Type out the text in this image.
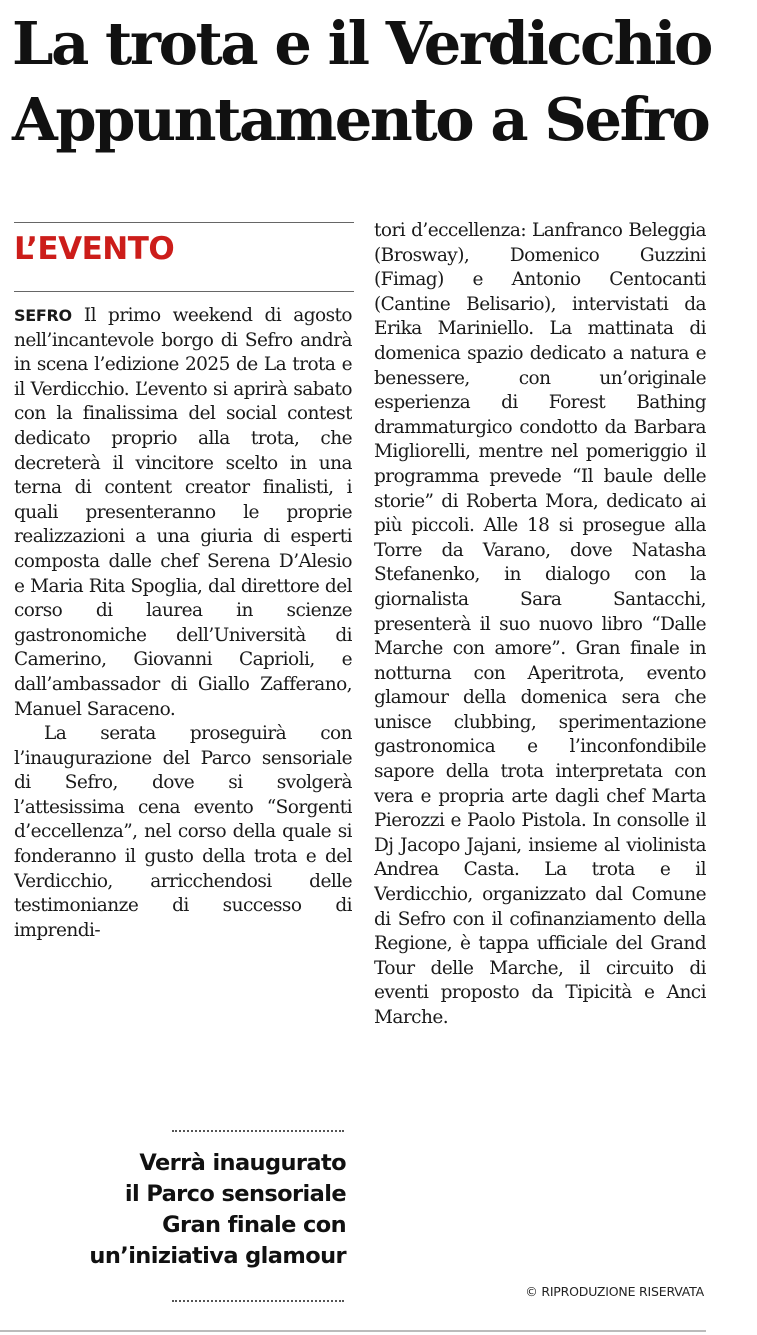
La trota e il Verdicchio
Appuntamento a Sefro
L’EVENTO

SEFRO Il primo weekend di agosto nell’incantevole borgo di Sefro andrà in scena l’edizione 2025 de La trota e il Verdicchio. L’evento si aprirà sabato con la finalissima del social contest dedicato proprio alla trota, che decreterà il vincitore scelto in una terna di content creator finalisti, i quali presenteranno le proprie realizzazioni a una giuria di esperti composta dalle chef Serena D’Alesio e Maria Rita Spoglia, dal direttore del corso di laurea in scienze gastronomiche dell’Università di Camerino, Giovanni Caprioli, e dall’ambassador di Giallo Zafferano, Manuel Saraceno.

La serata proseguirà con l’inaugurazione del Parco sensoriale di Sefro, dove si svolgerà l’attesissima cena evento “Sorgenti d’eccellenza”, nel corso della quale si fonderanno il gusto della trota e del Verdicchio, arricchendosi delle testimonianze di successo di imprendi-

tori d’eccellenza: Lanfranco Beleggia (Brosway), Domenico Guzzini (Fimag) e Antonio Centocanti (Cantine Belisario), intervistati da Erika Mariniello. La mattinata di domenica spazio dedicato a natura e benessere, con un’originale esperienza di Forest Bathing drammaturgico condotto da Barbara Migliorelli, mentre nel pomeriggio il programma prevede “Il baule delle storie” di Roberta Mora, dedicato ai più piccoli. Alle 18 si prosegue alla Torre da Varano, dove Natasha Stefanenko, in dialogo con la giornalista Sara Santacchi, presenterà il suo nuovo libro “Dalle Marche con amore”. Gran finale in notturna con Aperitrota, evento glamour della domenica sera che unisce clubbing, sperimentazione gastronomica e l’inconfondibile sapore della trota interpretata con vera e propria arte dagli chef Marta Pierozzi e Paolo Pistola. In consolle il Dj Jacopo Jajani, insieme al violinista Andrea Casta. La trota e il Verdicchio, organizzato dal Comune di Sefro con il cofinanziamento della Regione, è tappa ufficiale del Grand Tour delle Marche, il circuito di eventi proposto da Tipicità e Anci Marche.

Verrà inaugurato
il Parco sensoriale
Gran finale con
un’iniziativa glamour
© RIPRODUZIONE RISERVATA
